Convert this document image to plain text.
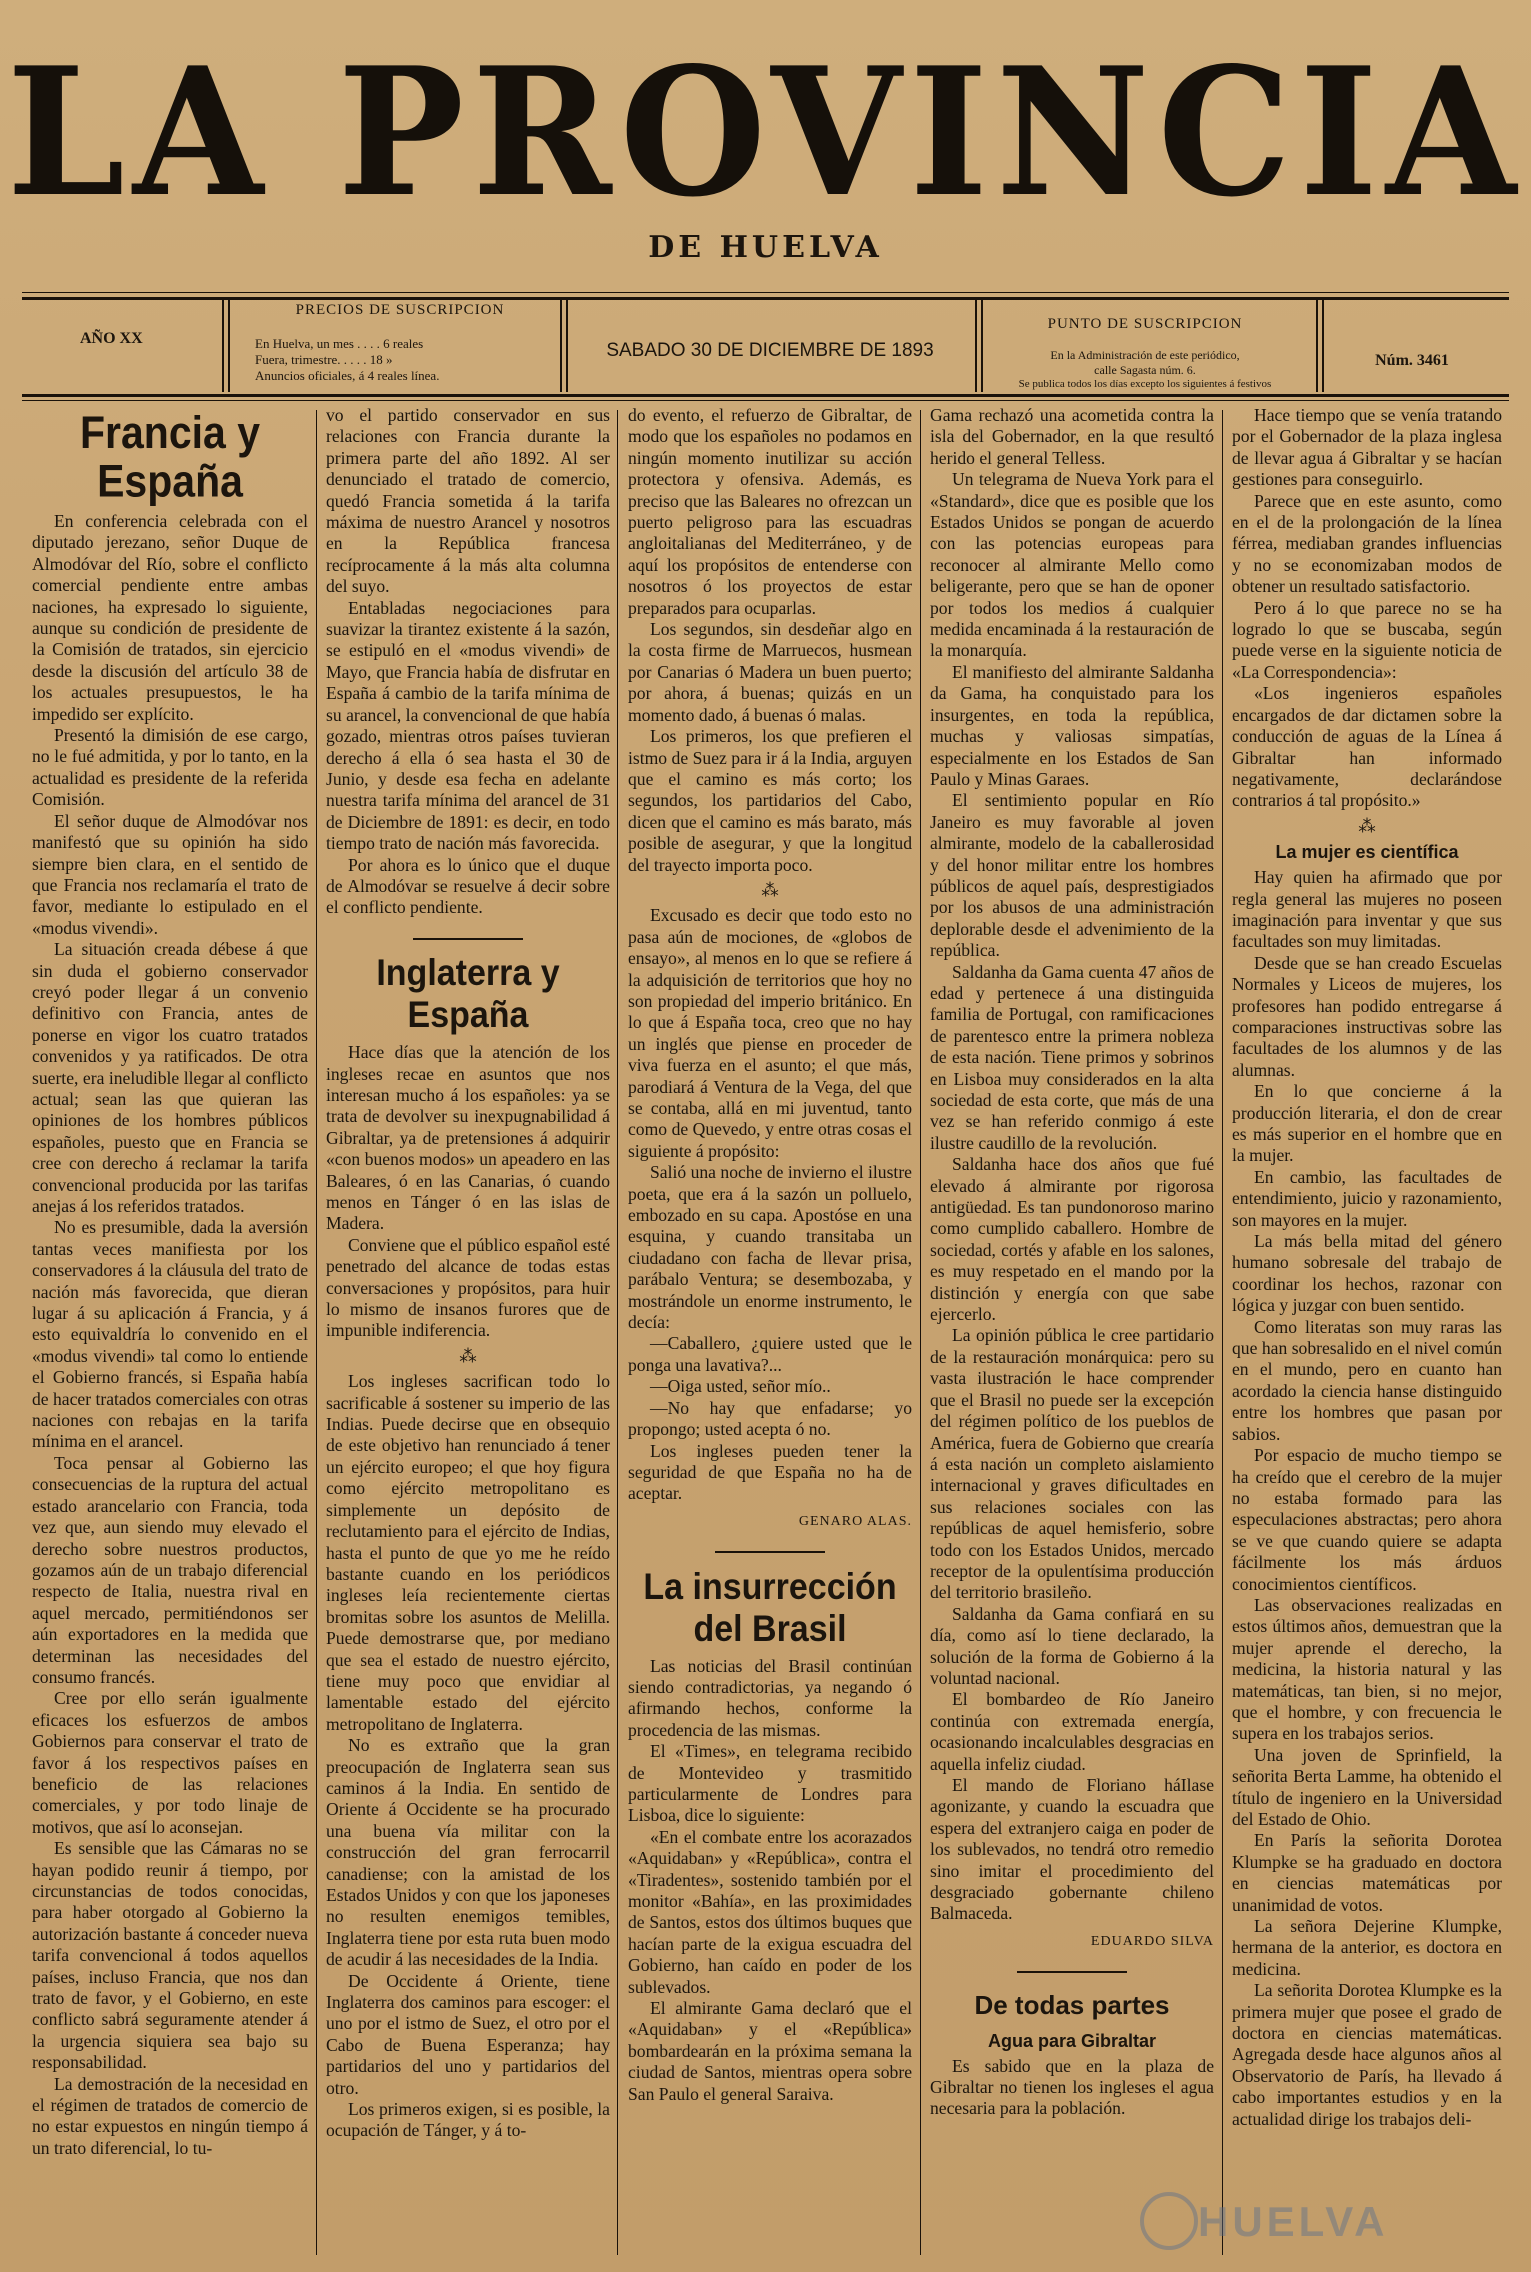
LA PROVINCIA
DE HUELVA
AÑO XX
PRECIOS DE SUSCRIPCION
En Huelva, un mes . . . . 6 reales
Fuera, trimestre. . . . . 18 »
Anuncios oficiales, á 4 reales línea.
SABADO 30 DE DICIEMBRE DE 1893
PUNTO DE SUSCRIPCION
En la Administración de este periódico,
calle Sagasta núm. 6.
Se publica todos los días excepto los siguientes á festivos
Núm. 3461

Francia y España

En conferencia celebrada con el diputado jerezano, señor Duque de Almodóvar del Río, sobre el conflicto comercial pendiente entre ambas naciones, ha expresado lo siguiente, aunque su condición de presidente de la Comisión de tratados, sin ejercicio desde la discusión del artículo 38 de los actuales presupuestos, le ha impedido ser explícito.

Presentó la dimisión de ese cargo, no le fué admitida, y por lo tanto, en la actualidad es presidente de la referida Comisión.

El señor duque de Almodóvar nos manifestó que su opinión ha sido siempre bien clara, en el sentido de que Francia nos reclamaría el trato de favor, mediante lo estipulado en el «modus vivendi».

La situación creada débese á que sin duda el gobierno conservador creyó poder llegar á un convenio definitivo con Francia, antes de ponerse en vigor los cuatro tratados convenidos y ya ratificados. De otra suerte, era ineludible llegar al conflicto actual; sean las que quieran las opiniones de los hombres públicos españoles, puesto que en Francia se cree con derecho á reclamar la tarifa convencional producida por las tarifas anejas á los referidos tratados.

No es presumible, dada la aversión tantas veces manifiesta por los conservadores á la cláusula del trato de nación más favorecida, que dieran lugar á su aplicación á Francia, y á esto equivaldría lo convenido en el «modus vivendi» tal como lo entiende el Gobierno francés, si España había de hacer tratados comerciales con otras naciones con rebajas en la tarifa mínima en el arancel.

Toca pensar al Gobierno las consecuencias de la ruptura del actual estado arancelario con Francia, toda vez que, aun siendo muy elevado el derecho sobre nuestros productos, gozamos aún de un trabajo diferencial respecto de Italia, nuestra rival en aquel mercado, permitiéndonos ser aún exportadores en la medida que determinan las necesidades del consumo francés.

Cree por ello serán igualmente eficaces los esfuerzos de ambos Gobiernos para conservar el trato de favor á los respectivos países en beneficio de las relaciones comerciales, y por todo linaje de motivos, que así lo aconsejan.

Es sensible que las Cámaras no se hayan podido reunir á tiempo, por circunstancias de todos conocidas, para haber otorgado al Gobierno la autorización bastante á conceder nueva tarifa convencional á todos aquellos países, incluso Francia, que nos dan trato de favor, y el Gobierno, en este conflicto sabrá seguramente atender á la urgencia siquiera sea bajo su responsabilidad.

La demostración de la necesidad en el régimen de tratados de comercio de no estar expuestos en ningún tiempo á un trato diferencial, lo tu-

vo el partido conservador en sus relaciones con Francia durante la primera parte del año 1892. Al ser denunciado el tratado de comercio, quedó Francia sometida á la tarifa máxima de nuestro Arancel y nosotros en la República francesa recíprocamente á la más alta columna del suyo.

Entabladas negociaciones para suavizar la tirantez existente á la sazón, se estipuló en el «modus vivendi» de Mayo, que Francia había de disfrutar en España á cambio de la tarifa mínima de su arancel, la convencional de que había gozado, mientras otros países tuvieran derecho á ella ó sea hasta el 30 de Junio, y desde esa fecha en adelante nuestra tarifa mínima del arancel de 31 de Diciembre de 1891: es decir, en todo tiempo trato de nación más favorecida.

Por ahora es lo único que el duque de Almodóvar se resuelve á decir sobre el conflicto pendiente.

Inglaterra y España

Hace días que la atención de los ingleses recae en asuntos que nos interesan mucho á los españoles: ya se trata de devolver su inexpugnabilidad á Gibraltar, ya de pretensiones á adquirir «con buenos modos» un apeadero en las Baleares, ó en las Canarias, ó cuando menos en Tánger ó en las islas de Madera.

Conviene que el público español esté penetrado del alcance de todas estas conversaciones y propósitos, para huir lo mismo de insanos furores que de impunible indiferencia.

⁂

Los ingleses sacrifican todo lo sacrificable á sostener su imperio de las Indias. Puede decirse que en obsequio de este objetivo han renunciado á tener un ejército europeo; el que hoy figura como ejército metropolitano es simplemente un depósito de reclutamiento para el ejército de Indias, hasta el punto de que yo me he reído bastante cuando en los periódicos ingleses leía recientemente ciertas bromitas sobre los asuntos de Melilla. Puede demostrarse que, por mediano que sea el estado de nuestro ejército, tiene muy poco que envidiar al lamentable estado del ejército metropolitano de Inglaterra.

No es extraño que la gran preocupación de Inglaterra sean sus caminos á la India. En sentido de Oriente á Occidente se ha procurado una buena vía militar con la construcción del gran ferrocarril canadiense; con la amistad de los Estados Unidos y con que los japoneses no resulten enemigos temibles, Inglaterra tiene por esta ruta buen modo de acudir á las necesidades de la India.

De Occidente á Oriente, tiene Inglaterra dos caminos para escoger: el uno por el istmo de Suez, el otro por el Cabo de Buena Esperanza; hay partidarios del uno y partidarios del otro.

Los primeros exigen, si es posible, la ocupación de Tánger, y á to-

do evento, el refuerzo de Gibraltar, de modo que los españoles no podamos en ningún momento inutilizar su acción protectora y ofensiva. Además, es preciso que las Baleares no ofrezcan un puerto peligroso para las escuadras angloitalianas del Mediterráneo, y de aquí los propósitos de entenderse con nosotros ó los proyectos de estar preparados para ocuparlas.

Los segundos, sin desdeñar algo en la costa firme de Marruecos, husmean por Canarias ó Madera un buen puerto; por ahora, á buenas; quizás en un momento dado, á buenas ó malas.

Los primeros, los que prefieren el istmo de Suez para ir á la India, arguyen que el camino es más corto; los segundos, los partidarios del Cabo, dicen que el camino es más barato, más posible de asegurar, y que la longitud del trayecto importa poco.

⁂

Excusado es decir que todo esto no pasa aún de mociones, de «globos de ensayo», al menos en lo que se refiere á la adquisición de territorios que hoy no son propiedad del imperio británico. En lo que á España toca, creo que no hay un inglés que piense en proceder de viva fuerza en el asunto; el que más, parodiará á Ventura de la Vega, del que se contaba, allá en mi juventud, tanto como de Quevedo, y entre otras cosas el siguiente á propósito:

Salió una noche de invierno el ilustre poeta, que era á la sazón un polluelo, embozado en su capa. Apostóse en una esquina, y cuando transitaba un ciudadano con facha de llevar prisa, parábalo Ventura; se desembozaba, y mostrándole un enorme instrumento, le decía:

—Caballero, ¿quiere usted que le ponga una lavativa?...

—Oiga usted, señor mío..

—No hay que enfadarse; yo propongo; usted acepta ó no.

Los ingleses pueden tener la seguridad de que España no ha de aceptar.

GENARO ALAS.

La insurrección del Brasil

Las noticias del Brasil continúan siendo contradictorias, ya negando ó afirmando hechos, conforme la procedencia de las mismas.

El «Times», en telegrama recibido de Montevideo y trasmitido particularmente de Londres para Lisboa, dice lo siguiente:

«En el combate entre los acorazados «Aquidaban» y «República», contra el «Tiradentes», sostenido también por el monitor «Bahía», en las proximidades de Santos, estos dos últimos buques que hacían parte de la exigua escuadra del Gobierno, han caído en poder de los sublevados.

El almirante Gama declaró que el «Aquidaban» y el «República» bombardearán en la próxima semana la ciudad de Santos, mientras opera sobre San Paulo el general Saraiva.

Gama rechazó una acometida contra la isla del Gobernador, en la que resultó herido el general Telless.

Un telegrama de Nueva York para el «Standard», dice que es posible que los Estados Unidos se pongan de acuerdo con las potencias europeas para reconocer al almirante Mello como beligerante, pero que se han de oponer por todos los medios á cualquier medida encaminada á la restauración de la monarquía.

El manifiesto del almirante Saldanha da Gama, ha conquistado para los insurgentes, en toda la república, muchas y valiosas simpatías, especialmente en los Estados de San Paulo y Minas Garaes.

El sentimiento popular en Río Janeiro es muy favorable al joven almirante, modelo de la caballerosidad y del honor militar entre los hombres públicos de aquel país, desprestigiados por los abusos de una administración deplorable desde el advenimiento de la república.

Saldanha da Gama cuenta 47 años de edad y pertenece á una distinguida familia de Portugal, con ramificaciones de parentesco entre la primera nobleza de esta nación. Tiene primos y sobrinos en Lisboa muy considerados en la alta sociedad de esta corte, que más de una vez se han referido conmigo á este ilustre caudillo de la revolución.

Saldanha hace dos años que fué elevado á almirante por rigorosa antigüedad. Es tan pundonoroso marino como cumplido caballero. Hombre de sociedad, cortés y afable en los salones, es muy respetado en el mando por la distinción y energía con que sabe ejercerlo.

La opinión pública le cree partidario de la restauración monárquica: pero su vasta ilustración le hace comprender que el Brasil no puede ser la excepción del régimen político de los pueblos de América, fuera de Gobierno que crearía á esta nación un completo aislamiento internacional y graves dificultades en sus relaciones sociales con las repúblicas de aquel hemisferio, sobre todo con los Estados Unidos, mercado receptor de la opulentísima producción del territorio brasileño.

Saldanha da Gama confiará en su día, como así lo tiene declarado, la solución de la forma de Gobierno á la voluntad nacional.

El bombardeo de Río Janeiro continúa con extremada energía, ocasionando incalculables desgracias en aquella infeliz ciudad.

El mando de Floriano háIlase agonizante, y cuando la escuadra que espera del extranjero caiga en poder de los sublevados, no tendrá otro remedio sino imitar el procedimiento del desgraciado gobernante chileno Balmaceda.

EDUARDO SILVA

De todas partes

Agua para Gibraltar

Es sabido que en la plaza de Gibraltar no tienen los ingleses el agua necesaria para la población.

Hace tiempo que se venía tratando por el Gobernador de la plaza inglesa de llevar agua á Gibraltar y se hacían gestiones para conseguirlo.

Parece que en este asunto, como en el de la prolongación de la línea férrea, mediaban grandes influencias y no se economizaban modos de obtener un resultado satisfactorio.

Pero á lo que parece no se ha logrado lo que se buscaba, según puede verse en la siguiente noticia de «La Correspondencia»:

«Los ingenieros españoles encargados de dar dictamen sobre la conducción de aguas de la Línea á Gibraltar han informado negativamente, declarándose contrarios á tal propósito.»

⁂

La mujer es científica

Hay quien ha afirmado que por regla general las mujeres no poseen imaginación para inventar y que sus facultades son muy limitadas.

Desde que se han creado Escuelas Normales y Liceos de mujeres, los profesores han podido entregarse á comparaciones instructivas sobre las facultades de los alumnos y de las alumnas.

En lo que concierne á la producción literaria, el don de crear es más superior en el hombre que en la mujer.

En cambio, las facultades de entendimiento, juicio y razonamiento, son mayores en la mujer.

La más bella mitad del género humano sobresale del trabajo de coordinar los hechos, razonar con lógica y juzgar con buen sentido.

Como literatas son muy raras las que han sobresalido en el nivel común en el mundo, pero en cuanto han acordado la ciencia hanse distinguido entre los hombres que pasan por sabios.

Por espacio de mucho tiempo se ha creído que el cerebro de la mujer no estaba formado para las especulaciones abstractas; pero ahora se ve que cuando quiere se adapta fácilmente los más árduos conocimientos científicos.

Las observaciones realizadas en estos últimos años, demuestran que la mujer aprende el derecho, la medicina, la historia natural y las matemáticas, tan bien, si no mejor, que el hombre, y con frecuencia le supera en los trabajos serios.

Una joven de Sprinfield, la señorita Berta Lamme, ha obtenido el título de ingeniero en la Universidad del Estado de Ohio.

En París la señorita Dorotea Klumpke se ha graduado en doctora en ciencias matemáticas por unanimidad de votos.

La señora Dejerine Klumpke, hermana de la anterior, es doctora en medicina.

La señorita Dorotea Klumpke es la primera mujer que posee el grado de doctora en ciencias matemáticas. Agregada desde hace algunos años al Observatorio de París, ha llevado á cabo importantes estudios y en la actualidad dirige los trabajos deli-

HUELVA
